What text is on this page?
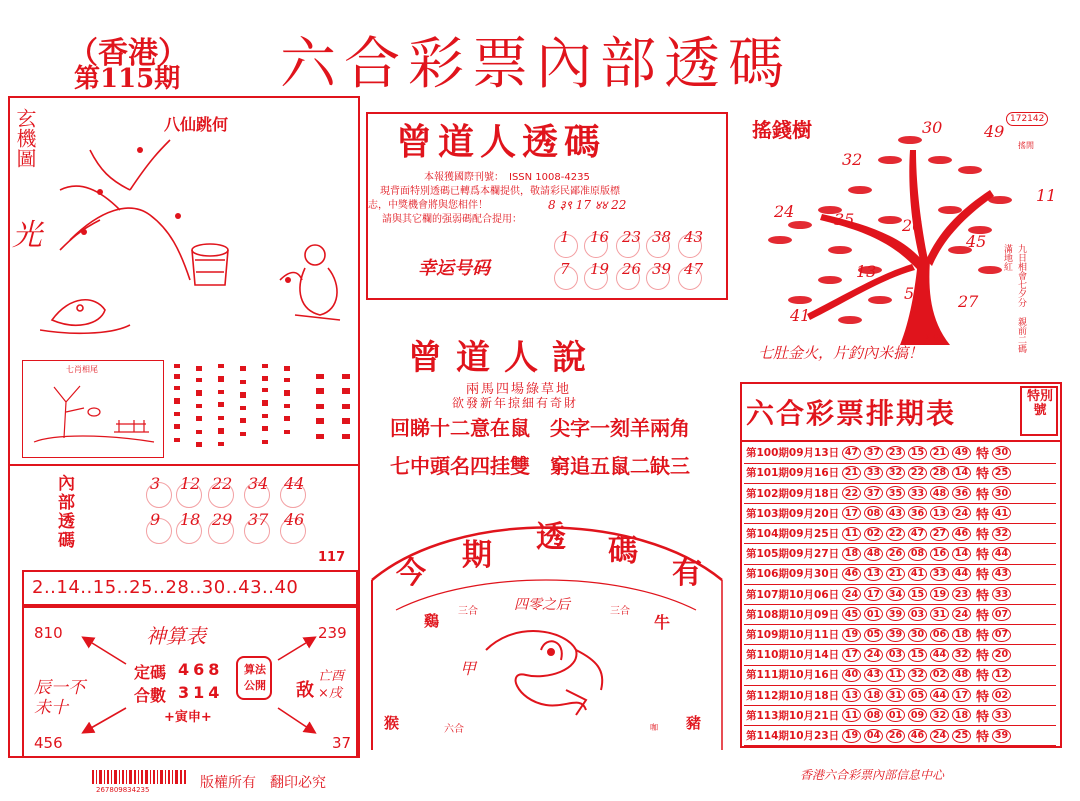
（香港）
第115期 六合彩票內部透碼
玄機圖
光
八仙跳何
七肖相尾
內部透碼	3 12 22 34 44
9 18 29 37 46
117
2..14..15..25..28..30..43..40
神算表
810	239
456	37
定碼 468
合數 314
+寅申+
算法公開
辰一不未十
敌
亡酉 ×戌
曾道人透碼
本報獲國際刊號：　ISSN 1008-4235
現背面特別透碼已轉爲本欄提供，敬請彩民鄙准原版標
志，中獎機會將與您相伴！
請與其它欄的强弱碼配合提用：
8 ३९ 17 ४४ 22
幸运号码
1 16 23 38 43
7 19 26 39 47
曾道人說
兩馬四場綠草地
欲發新年掠細有奇財
回睇十二意在鼠　尖字一刻羊兩角
七中頭名四挂雙　窮追五鼠二缺三
今
期
透 碼
有
四零之后
三合	三合
鷄	牛
甲
猴	六合	豬
咖
搖錢樹	172142
搖閒
30	49
32
11
24 35	20
45
13
5	27
41
36	九日相會七夕分 親前二碼滿地紅
七肚金火，片釣內米搞！
六合彩票排期表
特別號
第100期09月13日 47 37 23 15 21 49 特 30
第101期09月16日 21 33 32 22 28 14 特 25
第102期09月18日 22 37 35 33 48 36 特 30
第103期09月20日 17 08 43 36 13 24 特 41
第104期09月25日 11 02 22 47 27 46 特 32
第105期09月27日 18 48 26 08 16 14 特 44
第106期09月30日 46 13 21 41 33 44 特 43
第107期10月06日 24 17 34 15 19 23 特 33
第108期10月09日 45 01 39 03 31 24 特 07
第109期10月11日 19 05 39 30 06 18 特 07
第110期10月14日 17 24 03 15 44 32 特 20
第111期10月16日 40 43 11 32 02 48 特 12
第112期10月18日 13 18 31 05 44 17 特 02
第113期10月21日 11 08 01 09 32 18 特 33
第114期10月23日 19 04 26 46 24 25 特 39
267809834235	版權所有　翻印必究	香港六合彩票內部信息中心
